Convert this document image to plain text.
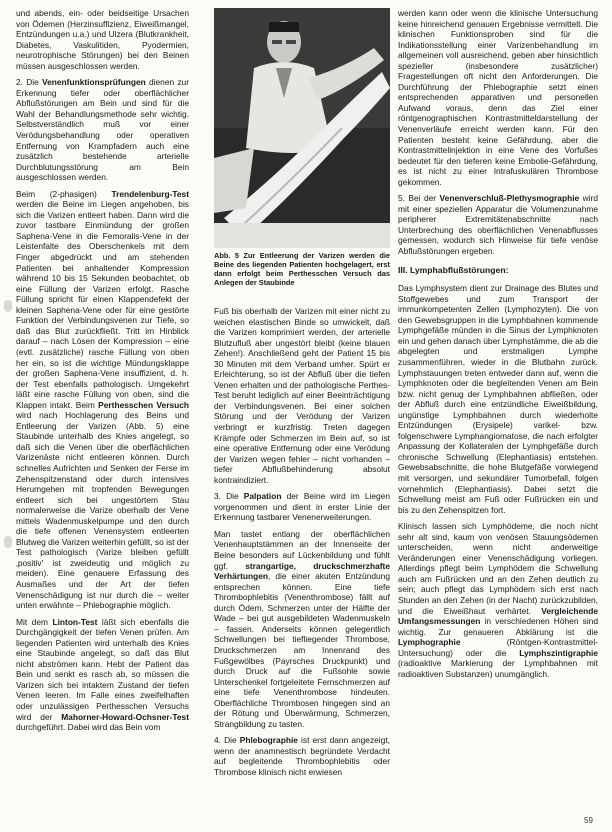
und abends, ein- oder beidseitige Ursachen von Ödemen (Herzinsuffizienz, Eiweißmangel, Entzündungen u.a.) und Ulzera (Blutkrankheit, Diabetes, Vaskulitiden, Pyodermien, neurotrophische Störungen) bei den Beinen müssen ausgeschlossen werden.

2. Die Venenfunktionsprüfungen dienen zur Erkennung tiefer oder oberflächlicher Abflußstörungen am Bein und sind für die Wahl der Behandlungsmethode sehr wichtig. Selbstverständlich muß vor einer Verödungsbehandlung oder operativen Entfernung von Krampfadern auch eine zusätzlich bestehende arterielle Durchblutungsstörung am Bein ausgeschlossen werden.

Beim (2-phasigen) Trendelenburg-Test werden die Beine im Liegen angehoben, bis sich die Varizen entleert haben. Dann wird die zuvor tastbare Einmündung der großen Saphena-Vene in die Femoralis-Vene in der Leistenfalte des Oberschenkels mit dem Finger abgedrückt und am stehenden Patienten bei anhaltender Kompression während 10 bis 15 Sekunden beobachtet, ob eine Füllung der Varizen erfolgt. Rasche Füllung spricht für einen Klappendefekt der kleinen Saphena-Vene oder für eine gestörte Funktion der Verbindungsvenen zur Tiefe, so daß das Blut zurückfließt. Tritt im Hinblick darauf – nach Lösen der Kompression – eine (evtl. zusätzliche) rasche Füllung von oben her ein, so ist die wichtige Mündungsklappe der großen Saphena-Vene insuffizient, d. h. der Test ebenfalls pathologisch. Umgekehrt läßt eine rasche Füllung von oben, sind die Klappen intakt. Beim Perthesschen Versuch wird nach Hochlagerung des Beins und Entleerung der Varizen (Abb. 5) eine Staubinde unterhalb des Knies angelegt, so daß sich die Venen über die oberflächlichen Varizenäste nicht entleeren können. Durch schnelles Aufrichten und Senken der Ferse im Zehenspitzenstand oder durch intensives Herumgehen mit tropfenden Bewegungen entleert sich bei ungestörtem Stau normalerweise die Varize oberhalb der Vene mittels Wadenmuskelpumpe und den durch die tiefe offenen Venensystem entleerten Blutweg die Varizen weiterhin gefüllt, so ist der Test pathologisch (Varize bleiben gefüllt ‚positiv' ist zweideutig und möglich zu meiden). Eine genauere Erfassung des Ausmaßes und der Art der tiefen Venenschädigung ist nur durch die – weiter unten erwähnte – Phlebographie möglich.

Mit dem Linton-Test läßt sich ebenfalls die Durchgängigkeit der tiefen Venen prüfen. Am liegenden Patienten wird unterhalb des Knies eine Staubinde angelegt, so daß das Blut nicht abströmen kann. Hebt der Patient das Bein und senkt es rasch ab, so müssen die Varizen sich bei intaktem Zustand der tiefen Venen leeren. Im Falle eines zweifelhaften oder unzulässigen Perthesschen Versuchs wird der Mahorner-Howard-Ochsner-Test durchgeführt. Dabei wird das Bein vom

Abb. 5 Zur Entleerung der Varizen werden die Beine des liegenden Patienten hochgelagert, erst dann erfolgt beim Perthesschen Versuch das Anlegen der Staubinde

Fuß bis oberhalb der Varizen mit einer nicht zu weichen elastischen Binde so umwickelt, daß die Varizen komprimiert werden, der arterielle Blutzufluß aber ungestört bleibt (keine blauen Zehen!). Anschließend geht der Patient 15 bis 30 Minuten mit dem Verband umher. Spürt er Erleichterung, so ist der Abfluß über die tiefen Venen erhalten und der pathologische Perthes-Test beruht lediglich auf einer Beeinträchtigung der Verbindungsvenen. Bei einer solchen Störung und der Verödung der Varizen verbringt er kurzfristig. Treten dagegen Krämpfe oder Schmerzen im Bein auf, so ist eine operative Entfernung oder eine Verödung der Varizen wegen fehler – nicht vorhanden – tiefer Abflußbehinderung absolut kontraindiziert.

3. Die Palpation der Beine wird im Liegen vorgenommen und dient in erster Linie der Erkennung tastbarer Venenerweiterungen.

Man tastet entlang der oberflächlichen Venenhauptstämmen an der Innenseite der Beine besonders auf Lückenbildung und fühlt ggf. strangartige, druckschmerzhafte Verhärtungen, die einer akuten Entzündung entsprechen können. Eine tiefe Thrombophlebitis (Venenthrombose) fällt auf durch Ödem, Schmerzen unter der Hälfte der Wade – bei gut ausgebildeten Wadenmuskeln – fassen. Anderseits können gelegentlich Schwellungen bei tiefliegender Thrombose, Druckschmerzen am Innenrand des Fußgewölbes (Payrsches Druckpunkt) und durch Druck auf die Fußsohle sowie Unterschenkel fortgeleitete Fernschmerzen auf eine tiefe Venenthrombose hindeuten. Oberflächliche Thrombosen hingegen sind an der Rötung und Überwärmung, Schmerzen, Strangbildung zu tasten.

4. Die Phlebographie ist erst dann angezeigt, wenn der anamnestisch begründete Verdacht auf begleitende Thrombophlebitis oder Thrombose klinisch nicht erwiesen

werden kann oder wenn die klinische Untersuchung keine hinreichend genauen Ergebnisse vermittelt. Die klinischen Funktionsproben sind für die Indikationsstellung einer Varizenbehandlung im allgemeinen voll ausreichend, geben aber hinsichtlich spezieller (insbesondere zusätzlicher) Fragestellungen oft nicht den Anforderungen. Die Durchführung der Phlebographie setzt einen entsprechenden apparativen und personellen Aufwand voraus, denn das Ziel einer röntgenographischen Kontrastmitteldarstellung der Venenverläufe erreicht werden kann. Für den Patienten besteht keine Gefährdung, aber die Kontrastmittelinjektion in eine Vene des Vorfußes bedeutet für den tieferen keine Embolie-Gefährdung, es ist nicht zu einer Intrafuskulären Thrombose gekommen.

5. Bei der Venenverschluß-Plethysmographie wird mit einer speziellen Apparatur die Volumenzunahme peripherer Extremitätenabschnitte nach Unterbrechung des oberflächlichen Venenabflusses gemessen, wodurch sich Hinweise für tiefe venöse Abflußstörungen ergeben.

III. Lymphabflußstörungen:

Das Lymphsystem dient zur Drainage des Blutes und Stoffgewebes und zum Transport der immunkompetenten Zellen (Lymphozyten). Die von den Gewebsgruppen in die Lymphbahnen kommende Lymphgefäße münden in die Sinus der Lymphknoten ein und gehen danach über Lymphstämme, die ab die abgelegten und erstmaligen Lymphe zusammenführen, wieder in die Blutbahn zurück. Lymphstauungen treten entweder dann auf, wenn die Lymphknoten oder die begleitenden Venen am Bein bzw. nicht genug der Lymphbahnen abfließen, oder der Abfluß durch eine entzündliche Eiweißbildung, ungünstige Lymphbahnen durch wiederholte Entzündungen (Erysipele) varikel- bzw. folgenschwere Lymphangiomatose, die nach erfolgter Anpassung der Kollateralen der Lymphgefäße durch chronische Schwellung (Elephantiasis) entstehen. Gewebsabschnitte, die hohe Blutgefäße vorwiegend mit versorgen, und sekundärer Tumorbefall, folgen vornehmlich (Elephantiasis). Dabei setzt die Schwellung meist am Fuß oder Fußrücken ein und bis zu den Zehenspitzen fort.

Klinisch lassen sich Lymphödeme, die noch nicht sehr alt sind, kaum von venösen Stauungsödemen unterscheiden, wenn nicht anderweitige Veränderungen einer Venenschädigung vorliegen. Allerdings pflegt beim Lymphödem die Schwellung auch am Fußrücken und an den Zehen deutlich zu sein; auch pflegt das Lymphödem sich erst nach Stunden an den Zehen (in der Nacht) zurückzubilden, und die Eiweißhaut verhärtet. Vergleichende Umfangsmessungen in verschiedenen Höhen sind wichtig. Zur genaueren Abklärung ist die Lymphographie (Röntgen-Kontrastmittel-Untersuchung) oder die Lymphszintigraphie (radioaktive Markierung der Lymphbahnen mit radioaktiven Substanzen) unumgänglich.

59
